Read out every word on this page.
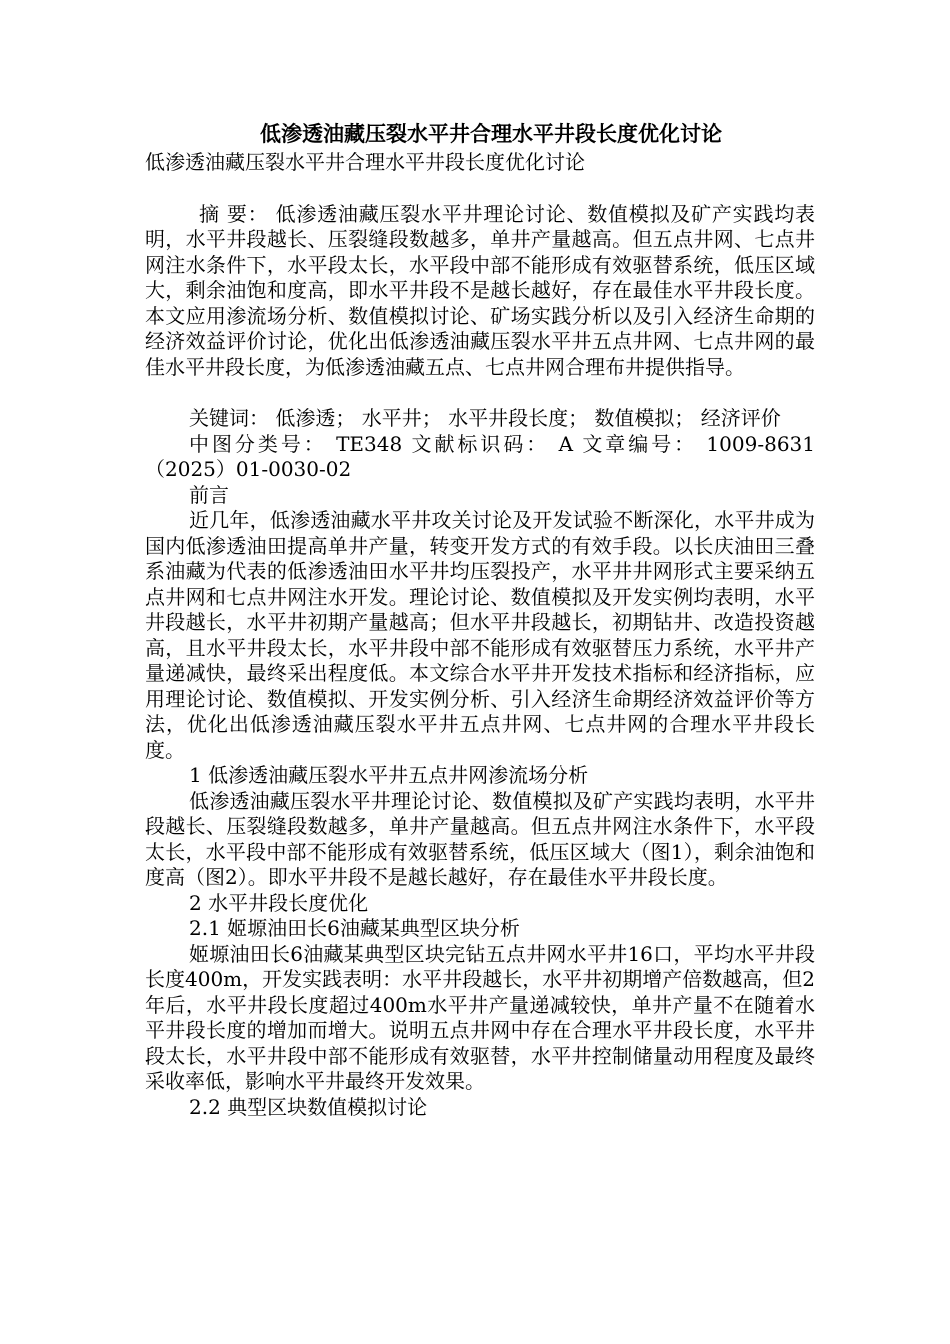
低渗透油藏压裂水平井合理水平井段长度优化讨论

低渗透油藏压裂水平井合理水平井段长度优化讨论

摘 要： 低渗透油藏压裂水平井理论讨论、数值模拟及矿产实践均表明，水平井段越长、压裂缝段数越多，单井产量越高。但五点井网、七点井网注水条件下，水平段太长，水平段中部不能形成有效驱替系统，低压区域大，剩余油饱和度高，即水平井段不是越长越好，存在最佳水平井段长度。本文应用渗流场分析、数值模拟讨论、矿场实践分析以及引入经济生命期的经济效益评价讨论，优化出低渗透油藏压裂水平井五点井网、七点井网的最佳水平井段长度，为低渗透油藏五点、七点井网合理布井提供指导。

关键词： 低渗透； 水平井； 水平井段长度； 数值模拟； 经济评价

中图分类号： TE348 文献标识码： A 文章编号： 1009-8631（2025）01-0030-02

前言

近几年，低渗透油藏水平井攻关讨论及开发试验不断深化，水平井成为国内低渗透油田提高单井产量，转变开发方式的有效手段。以长庆油田三叠系油藏为代表的低渗透油田水平井均压裂投产，水平井井网形式主要采纳五点井网和七点井网注水开发。理论讨论、数值模拟及开发实例均表明，水平井段越长，水平井初期产量越高；但水平井段越长，初期钻井、改造投资越高，且水平井段太长，水平井段中部不能形成有效驱替压力系统，水平井产量递减快，最终采出程度低。本文综合水平井开发技术指标和经济指标，应用理论讨论、数值模拟、开发实例分析、引入经济生命期经济效益评价等方法，优化出低渗透油藏压裂水平井五点井网、七点井网的合理水平井段长度。

1 低渗透油藏压裂水平井五点井网渗流场分析

低渗透油藏压裂水平井理论讨论、数值模拟及矿产实践均表明，水平井段越长、压裂缝段数越多，单井产量越高。但五点井网注水条件下，水平段太长，水平段中部不能形成有效驱替系统，低压区域大（图1），剩余油饱和度高（图2）。即水平井段不是越长越好，存在最佳水平井段长度。

2 水平井段长度优化

2.1 姬塬油田长6油藏某典型区块分析

姬塬油田长6油藏某典型区块完钻五点井网水平井16口，平均水平井段长度400m，开发实践表明：水平井段越长，水平井初期增产倍数越高，但2年后，水平井段长度超过400m水平井产量递减较快，单井产量不在随着水平井段长度的增加而增大。说明五点井网中存在合理水平井段长度，水平井段太长，水平井段中部不能形成有效驱替，水平井控制储量动用程度及最终采收率低，影响水平井最终开发效果。

2.2 典型区块数值模拟讨论
